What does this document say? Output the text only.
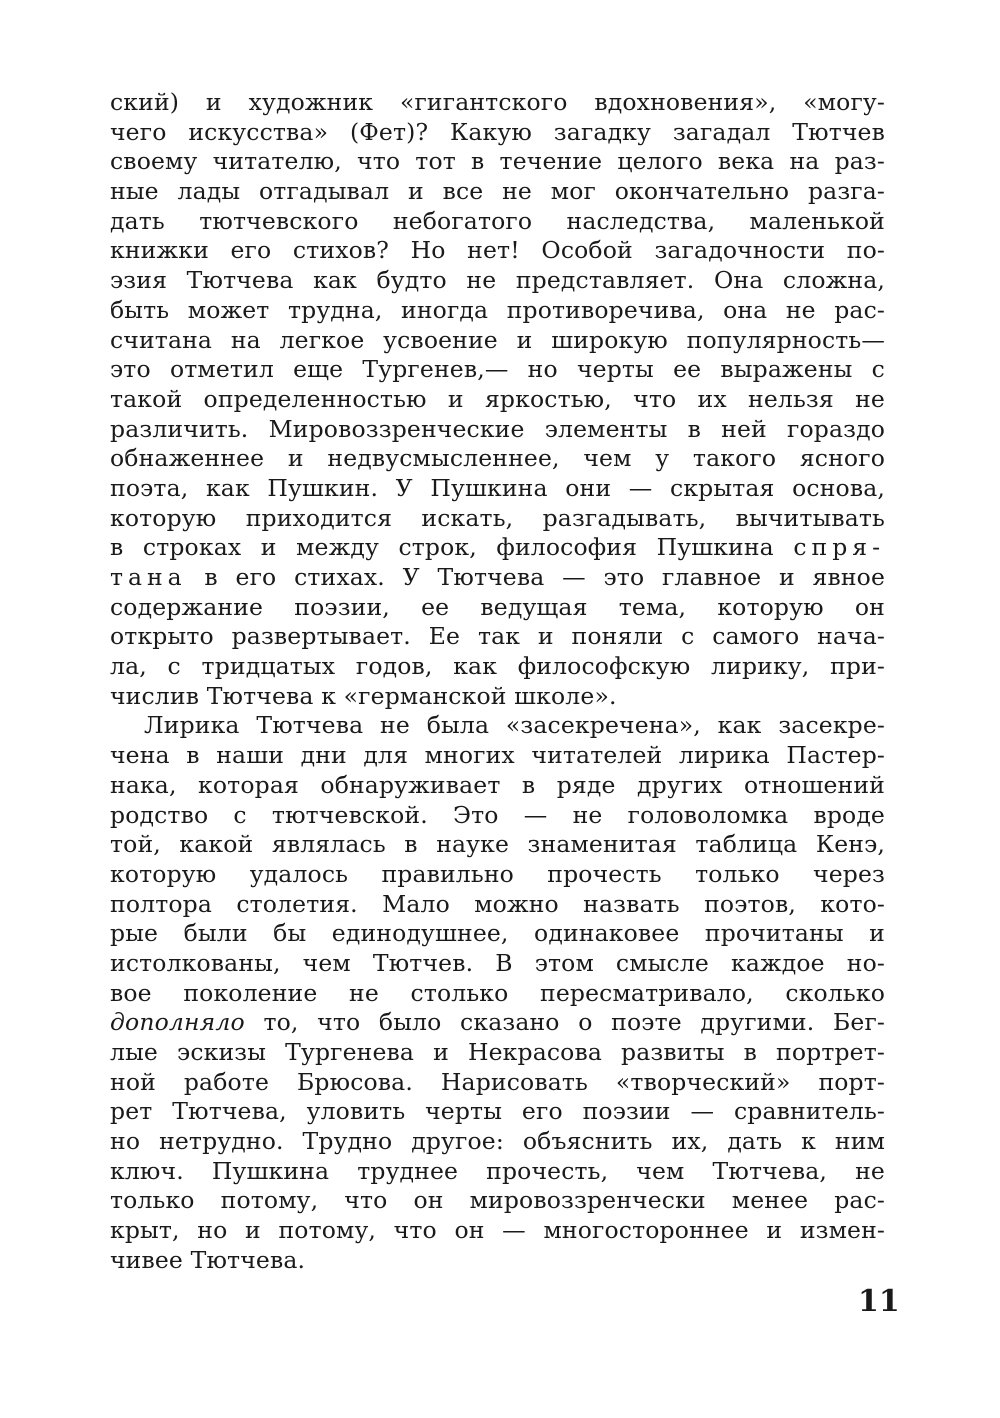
ский) и художник «гигантского вдохновения», «могу-
чего искусства» (Фет)? Какую загадку загадал Тютчев
своему читателю, что тот в течение целого века на раз-
ные лады отгадывал и все не мог окончательно разга-
дать тютчевского небогатого наследства, маленькой
книжки его стихов? Но нет! Особой загадочности по-
эзия Тютчева как будто не представляет. Она сложна,
быть может трудна, иногда противоречива, она не рас-
считана на легкое усвоение и широкую популярность—
это отметил еще Тургенев,— но черты ее выражены с
такой определенностью и яркостью, что их нельзя не
различить. Мировоззренческие элементы в ней гораздо
обнаженнее и недвусмысленнее, чем у такого ясного
поэта, как Пушкин. У Пушкина они — скрытая основа,
которую приходится искать, разгадывать, вычитывать
в строках и между строк, философия Пушкина спря-
тана в его стихах. У Тютчева — это главное и явное
содержание поэзии, ее ведущая тема, которую он
открыто развертывает. Ее так и поняли с самого нача-
ла, с тридцатых годов, как философскую лирику, при-
числив Тютчева к «германской школе».
Лирика Тютчева не была «засекречена», как засекре-
чена в наши дни для многих читателей лирика Пастер-
нака, которая обнаруживает в ряде других отношений
родство с тютчевской. Это — не головоломка вроде
той, какой являлась в науке знаменитая таблица Кенэ,
которую удалось правильно прочесть только через
полтора столетия. Мало можно назвать поэтов, кото-
рые были бы единодушнее, одинаковее прочитаны и
истолкованы, чем Тютчев. В этом смысле каждое но-
вое поколение не столько пересматривало, сколько
дополняло то, что было сказано о поэте другими. Бег-
лые эскизы Тургенева и Некрасова развиты в портрет-
ной работе Брюсова. Нарисовать «творческий» порт-
рет Тютчева, уловить черты его поэзии — сравнитель-
но нетрудно. Трудно другое: объяснить их, дать к ним
ключ. Пушкина труднее прочесть, чем Тютчева, не
только потому, что он мировоззренчески менее рас-
крыт, но и потому, что он — многостороннее и измен-
чивее Тютчева.
11
